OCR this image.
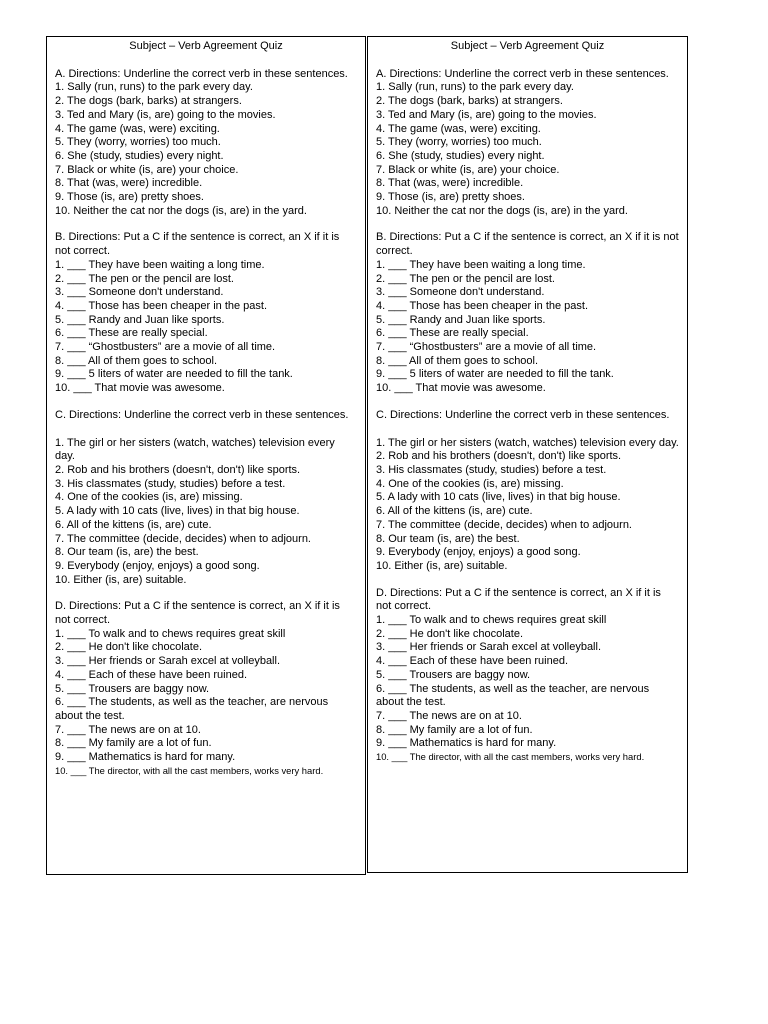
Subject – Verb Agreement Quiz

A. Directions: Underline the correct verb in these sentences.

1. Sally (run, runs) to the park every day.

2. The dogs (bark, barks) at strangers.

3. Ted and Mary (is, are) going to the movies.

4. The game (was, were) exciting.

5. They (worry, worries) too much.

6. She (study, studies) every night.

7. Black or white (is, are) your choice.

8. That (was, were) incredible.

9. Those (is, are) pretty shoes.

10. Neither the cat nor the dogs (is, are) in the yard.

B. Directions: Put a C if the sentence is correct, an X if it is not correct.

1. ___ They have been waiting a long time.

2. ___ The pen or the pencil are lost.

3. ___ Someone don't understand.

4. ___ Those has been cheaper in the past.

5. ___ Randy and Juan like sports.

6. ___ These are really special.

7. ___ “Ghostbusters” are a movie of all time.

8. ___ All of them goes to school.

9. ___ 5 liters of water are needed to fill the tank.

10. ___ That movie was awesome.

C. Directions: Underline the correct verb in these sentences.

1. The girl or her sisters (watch, watches) television every day.

2. Rob and his brothers (doesn't, don't) like sports.

3. His classmates (study, studies) before a test.

4. One of the cookies (is, are) missing.

5. A lady with 10 cats (live, lives) in that big house.

6. All of the kittens (is, are) cute.

7. The committee (decide, decides) when to adjourn.

8. Our team (is, are) the best.

9. Everybody (enjoy, enjoys) a good song.

10. Either (is, are) suitable.

D. Directions: Put a C if the sentence is correct, an X if it is not correct.

1. ___ To walk and to chews requires great skill

2. ___ He don't like chocolate.

3. ___ Her friends or Sarah excel at volleyball.

4. ___ Each of these have been ruined.

5. ___ Trousers are baggy now.

6. ___ The students, as well as the teacher, are nervous about the test.

7. ___ The news are on at 10.

8. ___ My family are a lot of fun.

9. ___ Mathematics is hard for many.

10. ___ The director, with all the cast members, works very hard.

Subject – Verb Agreement Quiz

A. Directions: Underline the correct verb in these sentences.

1. Sally (run, runs) to the park every day.

2. The dogs (bark, barks) at strangers.

3. Ted and Mary (is, are) going to the movies.

4. The game (was, were) exciting.

5. They (worry, worries) too much.

6. She (study, studies) every night.

7. Black or white (is, are) your choice.

8. That (was, were) incredible.

9. Those (is, are) pretty shoes.

10. Neither the cat nor the dogs (is, are) in the yard.

B. Directions: Put a C if the sentence is correct, an X if it is not correct.

1. ___ They have been waiting a long time.

2. ___ The pen or the pencil are lost.

3. ___ Someone don't understand.

4. ___ Those has been cheaper in the past.

5. ___ Randy and Juan like sports.

6. ___ These are really special.

7. ___ “Ghostbusters” are a movie of all time.

8. ___ All of them goes to school.

9. ___ 5 liters of water are needed to fill the tank.

10. ___ That movie was awesome.

C. Directions: Underline the correct verb in these sentences.

1. The girl or her sisters (watch, watches) television every day.

2. Rob and his brothers (doesn't, don't) like sports.

3. His classmates (study, studies) before a test.

4. One of the cookies (is, are) missing.

5. A lady with 10 cats (live, lives) in that big house.

6. All of the kittens (is, are) cute.

7. The committee (decide, decides) when to adjourn.

8. Our team (is, are) the best.

9. Everybody (enjoy, enjoys) a good song.

10. Either (is, are) suitable.

D. Directions: Put a C if the sentence is correct, an X if it is not correct.

1. ___ To walk and to chews requires great skill

2. ___ He don't like chocolate.

3. ___ Her friends or Sarah excel at volleyball.

4. ___ Each of these have been ruined.

5. ___ Trousers are baggy now.

6. ___ The students, as well as the teacher, are nervous about the test.

7. ___ The news are on at 10.

8. ___ My family are a lot of fun.

9. ___ Mathematics is hard for many.

10. ___ The director, with all the cast members, works very hard.
